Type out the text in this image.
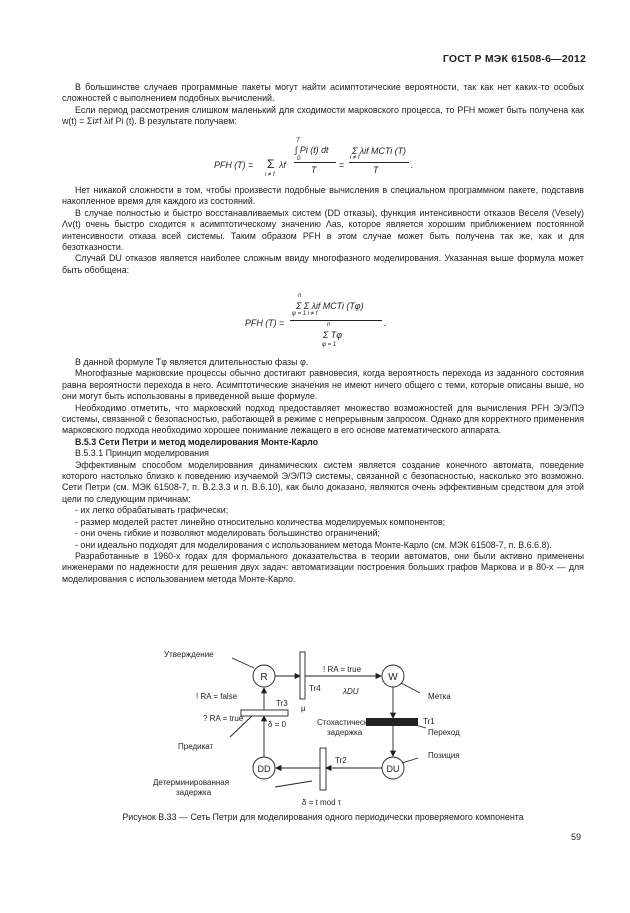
ГОСТ Р МЭК 61508-6—2012

В большинстве случаев программные пакеты могут найти асимптотические вероятности, так как нет каких-то особых сложностей с выполнением подобных вычислений.

Если период рассмотрения слишком маленький для сходимости марковского процесса, то PFH может быть получена как w(t) = Σi≠f λif Pi (t). В результате получаем:

PFH (T) = Σ
i ≠ f
λf
T
∫ Pi (t) dt
0
T	=
Σ λif MCTi (T)
i ≠ f
T	.

Нет никакой сложности в том, чтобы произвести подобные вычисления в специальном программном пакете, подставив накопленное время для каждого из состояний.

В случае полностью и быстро восстанавливаемых систем (DD отказы), функция интенсивности отказов Веселя (Vesely) Λv(t) очень быстро сходится к асимптотическому значению Λas, которое является хорошим приближением постоянной интенсивности отказа всей системы. Таким образом PFH в этом случае может быть получена так же, как и для безотказности.

Случай DU отказов является наиболее сложным ввиду многофазного моделирования. Указанная выше формула может быть обобщена:

PFH (T) =
n
Σ Σ λif MCTi (Tφ)
φ = 1 i ≠ f
n
Σ Tφ
φ = 1
.

В данной формуле Tφ является длительностью фазы φ.

Многофазные марковские процессы обычно достигают равновесия, когда вероятность перехода из заданного состояния равна вероятности перехода в него. Асимптотические значения не имеют ничего общего с теми, которые описаны выше, но они могут быть использованы в приведенной выше формуле.

Необходимо отметить, что марковский подход предоставляет множество возможностей для вычисления PFH Э/Э/ПЭ системы, связанной с безопасностью, работающей в режиме с непрерывным запросом. Однако для корректного применения марковского подхода необходимо хорошее понимание лежащего в его основе математического аппарата.

В.5.3 Сети Петри и метод моделирования Монте-Карло

В.5.3.1 Принцип моделирования

Эффективным способом моделирования динамических систем является создание конечного автомата, поведение которого настолько близко к поведению изучаемой Э/Э/ПЭ системы, связанной с безопасностью, насколько это возможно. Сети Петри (см. МЭК 61508-7, п. В.2.3.3 и п. В.6.10), как было доказано, являются очень эффективным средством для этой цели по следующим причинам:

- их легко обрабатывать графически;

- размер моделей растет линейно относительно количества моделируемых компонентов;

- они очень гибкие и позволяют моделировать большинство ограничений;

- они идеально подходят для моделирования с использованием метода Монте-Карло (см. МЭК 61508-7, п. В.6.6.8).

Разработанные в 1960-х годах для формального доказательства в теории автоматов, они были активно применены инженерами по надежности для решения двух задач: автоматизации построения больших графов Маркова и в 80-х — для моделирования с использованием метода Монте-Карло.

R	W
DU
DD
Tr4
Tr1
Tr2
Tr3
Утверждение
! RA = false
! RA = true
μ
Метка
λDU
δ = 0
? RA = true	Стохастическая
задержка	Переход
Предикат
Позиция
Детерминированная
задержка
δ = t mod τ
Рисунок В.33 — Сеть Петри для моделирования одного периодически проверяемого компонента
59
